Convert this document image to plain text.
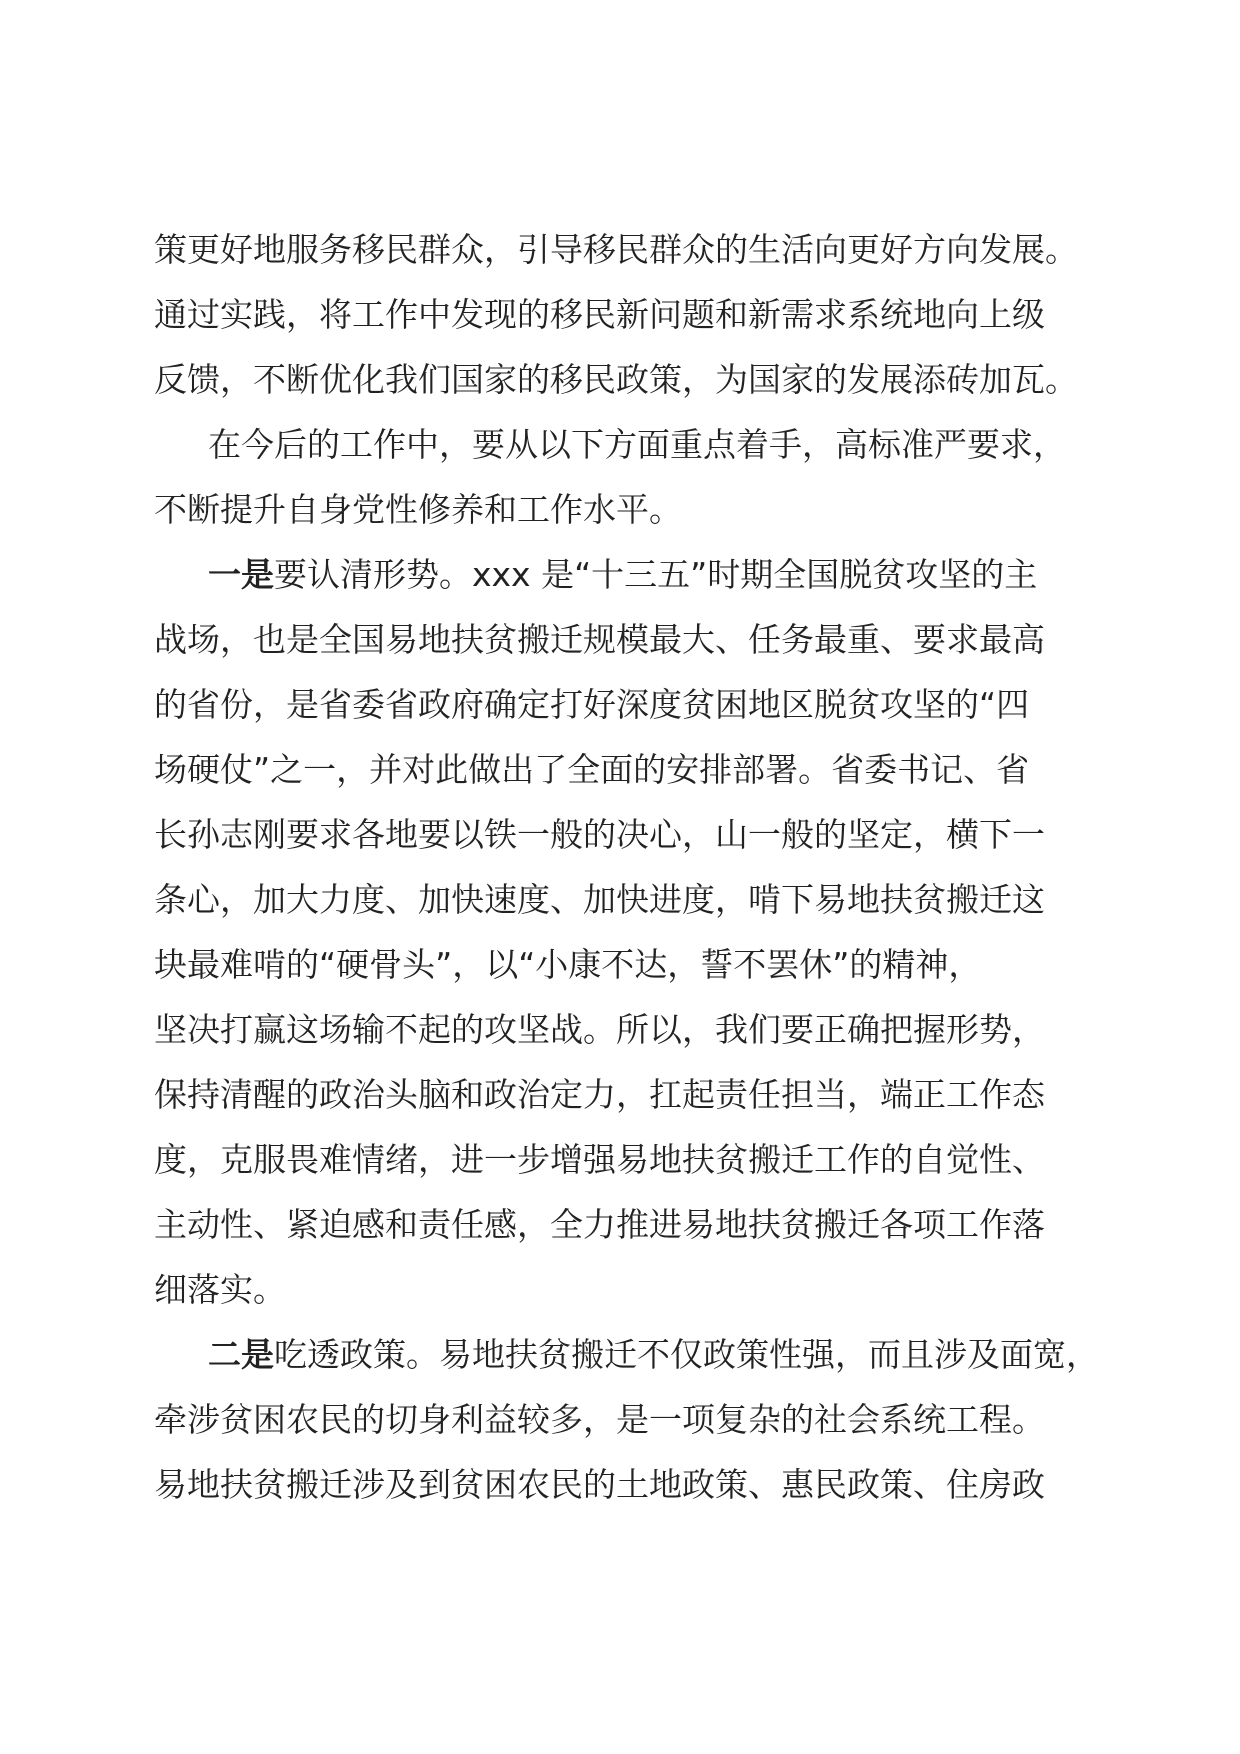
策更好地服务移民群众，引导移民群众的生活向更好方向发展。
通过实践，将工作中发现的移民新问题和新需求系统地向上级
反馈，不断优化我们国家的移民政策，为国家的发展添砖加瓦。
在今后的工作中，要从以下方面重点着手，高标准严要求，
不断提升自身党性修养和工作水平。
一是要认清形势。xxx 是“十三五”时期全国脱贫攻坚的主
战场，也是全国易地扶贫搬迁规模最大、任务最重、要求最高
的省份，是省委省政府确定打好深度贫困地区脱贫攻坚的“四
场硬仗”之一，并对此做出了全面的安排部署。省委书记、省
长孙志刚要求各地要以铁一般的决心，山一般的坚定，横下一
条心，加大力度、加快速度、加快进度，啃下易地扶贫搬迁这
块最难啃的“硬骨头”，以“小康不达，誓不罢休”的精神，
坚决打赢这场输不起的攻坚战。所以，我们要正确把握形势，
保持清醒的政治头脑和政治定力，扛起责任担当，端正工作态
度，克服畏难情绪，进一步增强易地扶贫搬迁工作的自觉性、
主动性、紧迫感和责任感，全力推进易地扶贫搬迁各项工作落
细落实。
二是吃透政策。易地扶贫搬迁不仅政策性强，而且涉及面宽，
牵涉贫困农民的切身利益较多，是一项复杂的社会系统工程。
易地扶贫搬迁涉及到贫困农民的土地政策、惠民政策、住房政
